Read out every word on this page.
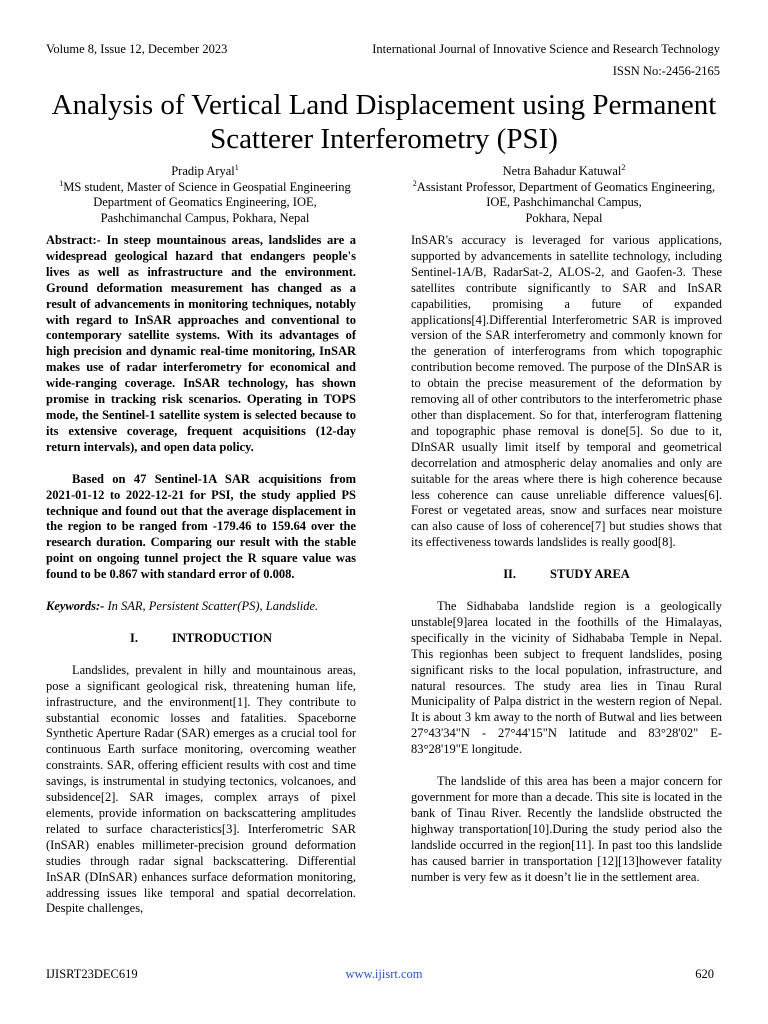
Volume 8, Issue 12, December 2023	International Journal of Innovative Science and Research Technology
ISSN No:-2456-2165
Analysis of Vertical Land Displacement using Permanent Scatterer Interferometry (PSI)
Pradip Aryal$^1$
$^1$MS student, Master of Science in Geospatial Engineering
Department of Geomatics Engineering, IOE,
Pashchimanchal Campus, Pokhara, Nepal
Netra Bahadur Katuwal$^2$
$^2$Assistant Professor, Department of Geomatics Engineering,
IOE, Pashchimanchal Campus,
Pokhara, Nepal

Abstract:- In steep mountainous areas, landslides are a widespread geological hazard that endangers people's lives as well as infrastructure and the environment. Ground deformation measurement has changed as a result of advancements in monitoring techniques, notably with regard to InSAR approaches and conventional to contemporary satellite systems. With its advantages of high precision and dynamic real-time monitoring, InSAR makes use of radar interferometry for economical and wide-ranging coverage. InSAR technology, has shown promise in tracking risk scenarios. Operating in TOPS mode, the Sentinel-1 satellite system is selected because to its extensive coverage, frequent acquisitions (12-day return intervals), and open data policy.

Based on 47 Sentinel-1A SAR acquisitions from 2021-01-12 to 2022-12-21 for PSI, the study applied PS technique and found out that the average displacement in the region to be ranged from -179.46 to 159.64 over the research duration. Comparing our result with the stable point on ongoing tunnel project the R square value was found to be 0.867 with standard error of 0.008.

Keywords:- In SAR, Persistent Scatter(PS), Landslide.

I.	INTRODUCTION

Landslides, prevalent in hilly and mountainous areas, pose a significant geological risk, threatening human life, infrastructure, and the environment[1]. They contribute to substantial economic losses and fatalities. Spaceborne Synthetic Aperture Radar (SAR) emerges as a crucial tool for continuous Earth surface monitoring, overcoming weather constraints. SAR, offering efficient results with cost and time savings, is instrumental in studying tectonics, volcanoes, and subsidence[2]. SAR images, complex arrays of pixel elements, provide information on backscattering amplitudes related to surface characteristics[3]. Interferometric SAR (InSAR) enables millimeter-precision ground deformation studies through radar signal backscattering. Differential InSAR (DInSAR) enhances surface deformation monitoring, addressing issues like temporal and spatial decorrelation. Despite challenges,

InSAR's accuracy is leveraged for various applications, supported by advancements in satellite technology, including Sentinel-1A/B, RadarSat-2, ALOS-2, and Gaofen-3. These satellites contribute significantly to SAR and InSAR capabilities, promising a future of expanded applications[4].Differential Interferometric SAR is improved version of the SAR interferometry and commonly known for the generation of interferograms from which topographic contribution become removed. The purpose of the DInSAR is to obtain the precise measurement of the deformation by removing all of other contributors to the interferometric phase other than displacement. So for that, interferogram flattening and topographic phase removal is done[5]. So due to it, DInSAR usually limit itself by temporal and geometrical decorrelation and atmospheric delay anomalies and only are suitable for the areas where there is high coherence because less coherence can cause unreliable difference values[6]. Forest or vegetated areas, snow and surfaces near moisture can also cause of loss of coherence[7] but studies shows that its effectiveness towards landslides is really good[8].

II.	STUDY AREA

The Sidhababa landslide region is a geologically unstable[9]area located in the foothills of the Himalayas, specifically in the vicinity of Sidhababa Temple in Nepal. This regionhas been subject to frequent landslides, posing significant risks to the local population, infrastructure, and natural resources. The study area lies in Tinau Rural Municipality of Palpa district in the western region of Nepal. It is about 3 km away to the north of Butwal and lies between 27°43'34"N - 27°44'15"N latitude and 83°28'02" E- 83°28'19"E longitude.

The landslide of this area has been a major concern for government for more than a decade. This site is located in the bank of Tinau River. Recently the landslide obstructed the highway transportation[10].During the study period also the landslide occurred in the region[11]. In past too this landslide has caused barrier in transportation [12][13]however fatality number is very few as it doesn’t lie in the settlement area.

IJISRT23DEC619	www.ijisrt.com	620
